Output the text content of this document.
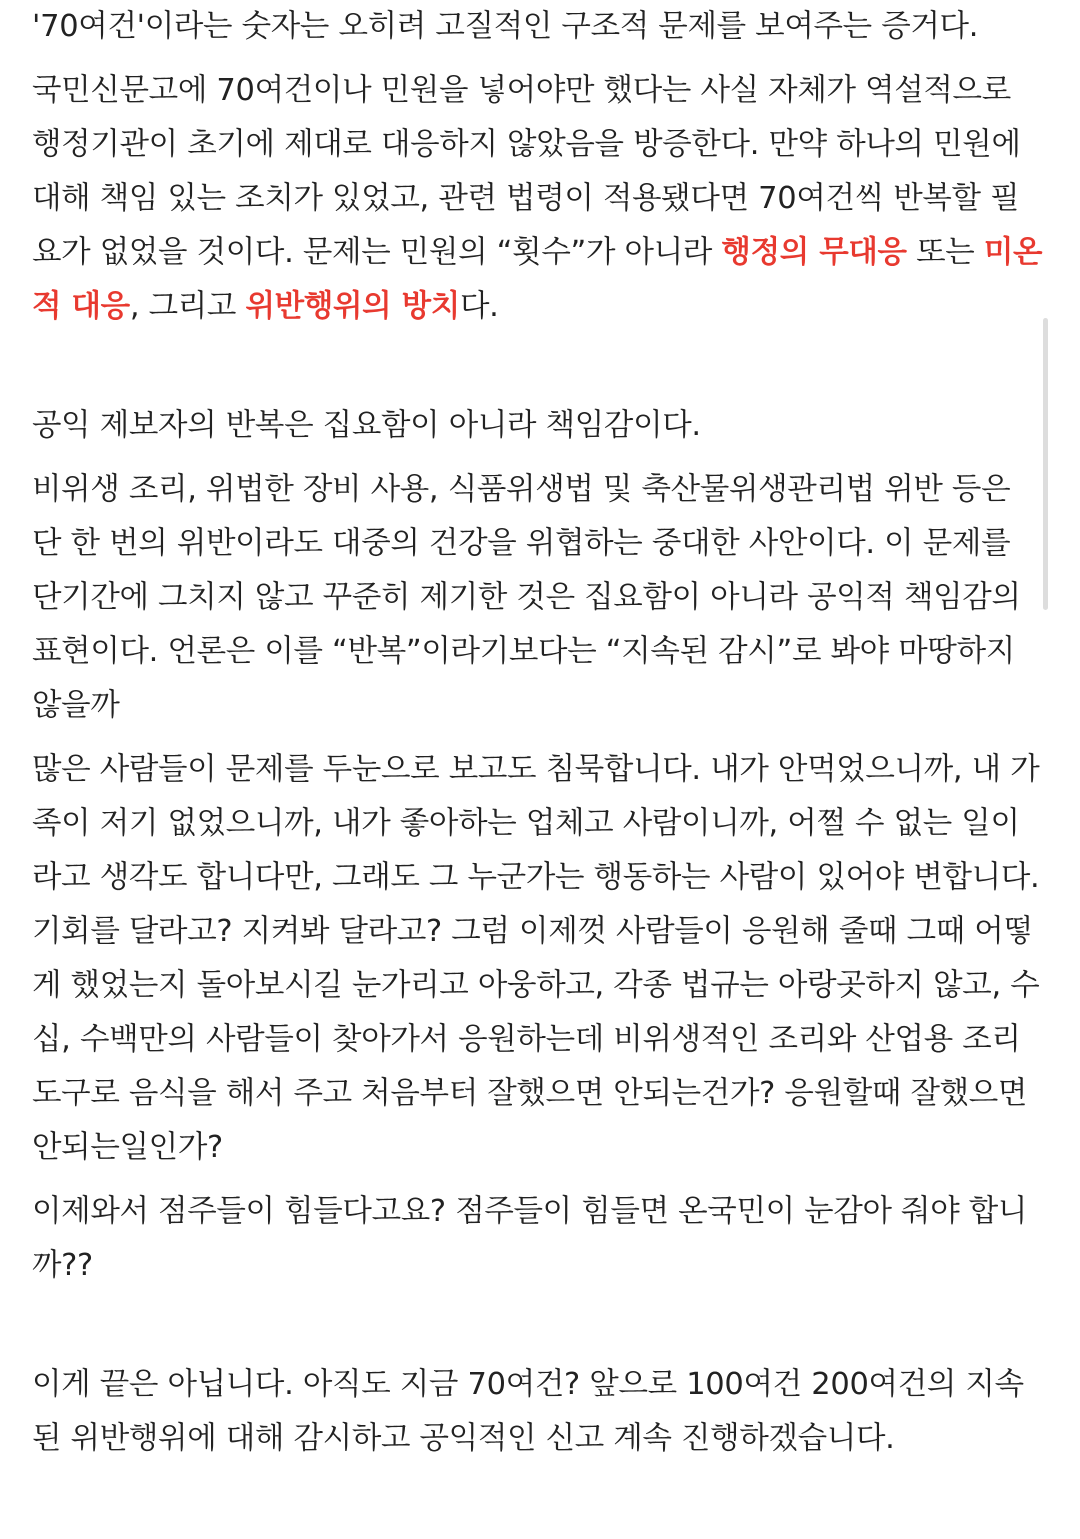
'70여건'이라는 숫자는 오히려 고질적인 구조적 문제를 보여주는 증거다.

국민신문고에 70여건이나 민원을 넣어야만 했다는 사실 자체가 역설적으로 행정기관이 초기에 제대로 대응하지 않았음을 방증한다. 만약 하나의 민원에 대해 책임 있는 조치가 있었고, 관련 법령이 적용됐다면 70여건씩 반복할 필요가 없었을 것이다. 문제는 민원의 “횟수”가 아니라 행정의 무대응 또는 미온적 대응, 그리고 위반행위의 방치다.

공익 제보자의 반복은 집요함이 아니라 책임감이다.

비위생 조리, 위법한 장비 사용, 식품위생법 및 축산물위생관리법 위반 등은 단 한 번의 위반이라도 대중의 건강을 위협하는 중대한 사안이다. 이 문제를 단기간에 그치지 않고 꾸준히 제기한 것은 집요함이 아니라 공익적 책임감의 표현이다. 언론은 이를 “반복”이라기보다는 “지속된 감시”로 봐야 마땅하지 않을까

많은 사람들이 문제를 두눈으로 보고도 침묵합니다. 내가 안먹었으니까, 내 가족이 저기 없었으니까, 내가 좋아하는 업체고 사람이니까, 어쩔 수 없는 일이라고 생각도 합니다만, 그래도 그 누군가는 행동하는 사람이 있어야 변합니다. 기회를 달라고? 지켜봐 달라고? 그럼 이제껏 사람들이 응원해 줄때 그때 어떻게 했었는지 돌아보시길 눈가리고 아웅하고, 각종 법규는 아랑곳하지 않고, 수십, 수백만의 사람들이 찾아가서 응원하는데 비위생적인 조리와 산업용 조리도구로 음식을 해서 주고 처음부터 잘했으면 안되는건가? 응원할때 잘했으면 안되는일인가?

이제와서 점주들이 힘들다고요? 점주들이 힘들면 온국민이 눈감아 줘야 합니까??

이게 끝은 아닙니다. 아직도 지금 70여건? 앞으로 100여건 200여건의 지속된 위반행위에 대해 감시하고 공익적인 신고 계속 진행하겠습니다.
